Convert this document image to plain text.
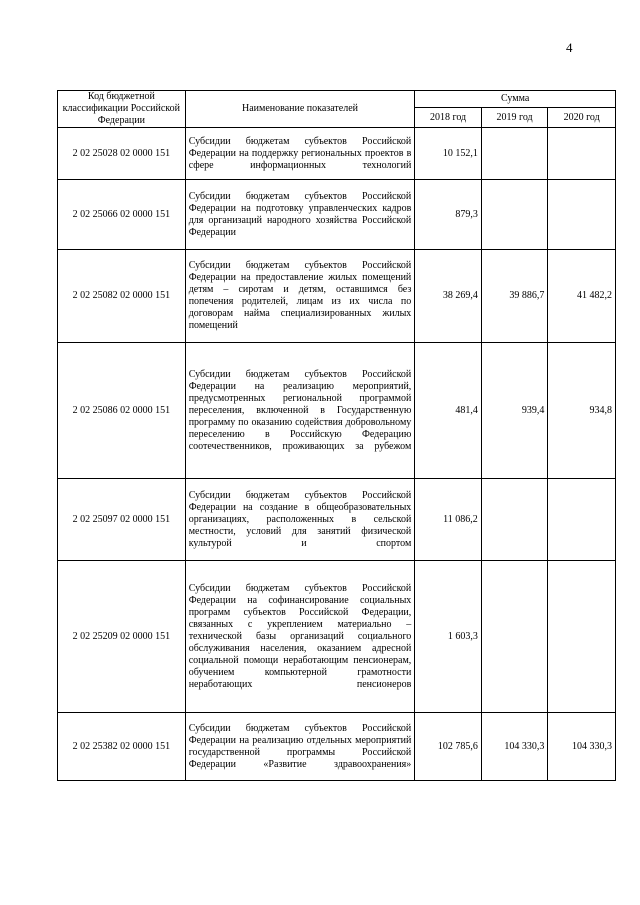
4
Код бюджетной классификации Российской Федерации	Наименование показателей	Сумма		
		2018 год	2019 год	2020 год
2 02 25028 02 0000 151	Субсидии бюджетам субъектов Российской Федерации на поддержку региональных проектов в сфере информационных технологий	10 152,1		
2 02 25066 02 0000 151	Субсидии бюджетам субъектов Российской Федерации на подготовку управленческих кадров для организаций народного хозяйства Российской Федерации	879,3		
2 02 25082 02 0000 151	Субсидии бюджетам субъектов Российской Федерации на предоставление жилых помещений детям – сиротам и детям, оставшимся без попечения родителей, лицам из их числа по договорам найма специализированных жилых помещений	38 269,4	39 886,7	41 482,2
2 02 25086 02 0000 151	Субсидии бюджетам субъектов Российской Федерации на реализацию мероприятий, предусмотренных региональной программой переселения, включенной в Государственную программу по оказанию содействия добровольному переселению в Российскую Федерацию соотечественников, проживающих за рубежом	481,4	939,4	934,8
2 02 25097 02 0000 151	Субсидии бюджетам субъектов Российской Федерации на создание в общеобразовательных организациях, расположенных в сельской местности, условий для занятий физической культурой и спортом	11 086,2		
2 02 25209 02 0000 151	Субсидии бюджетам субъектов Российской Федерации на софинансирование социальных программ субъектов Российской Федерации, связанных с укреплением материально – технической базы организаций социального обслуживания населения, оказанием адресной социальной помощи неработающим пенсионерам, обучением компьютерной грамотности неработающих пенсионеров	1 603,3		
2 02 25382 02 0000 151	Субсидии бюджетам субъектов Российской Федерации на реализацию отдельных мероприятий государственной программы Российской Федерации «Развитие здравоохранения»	102 785,6	104 330,3	104 330,3
